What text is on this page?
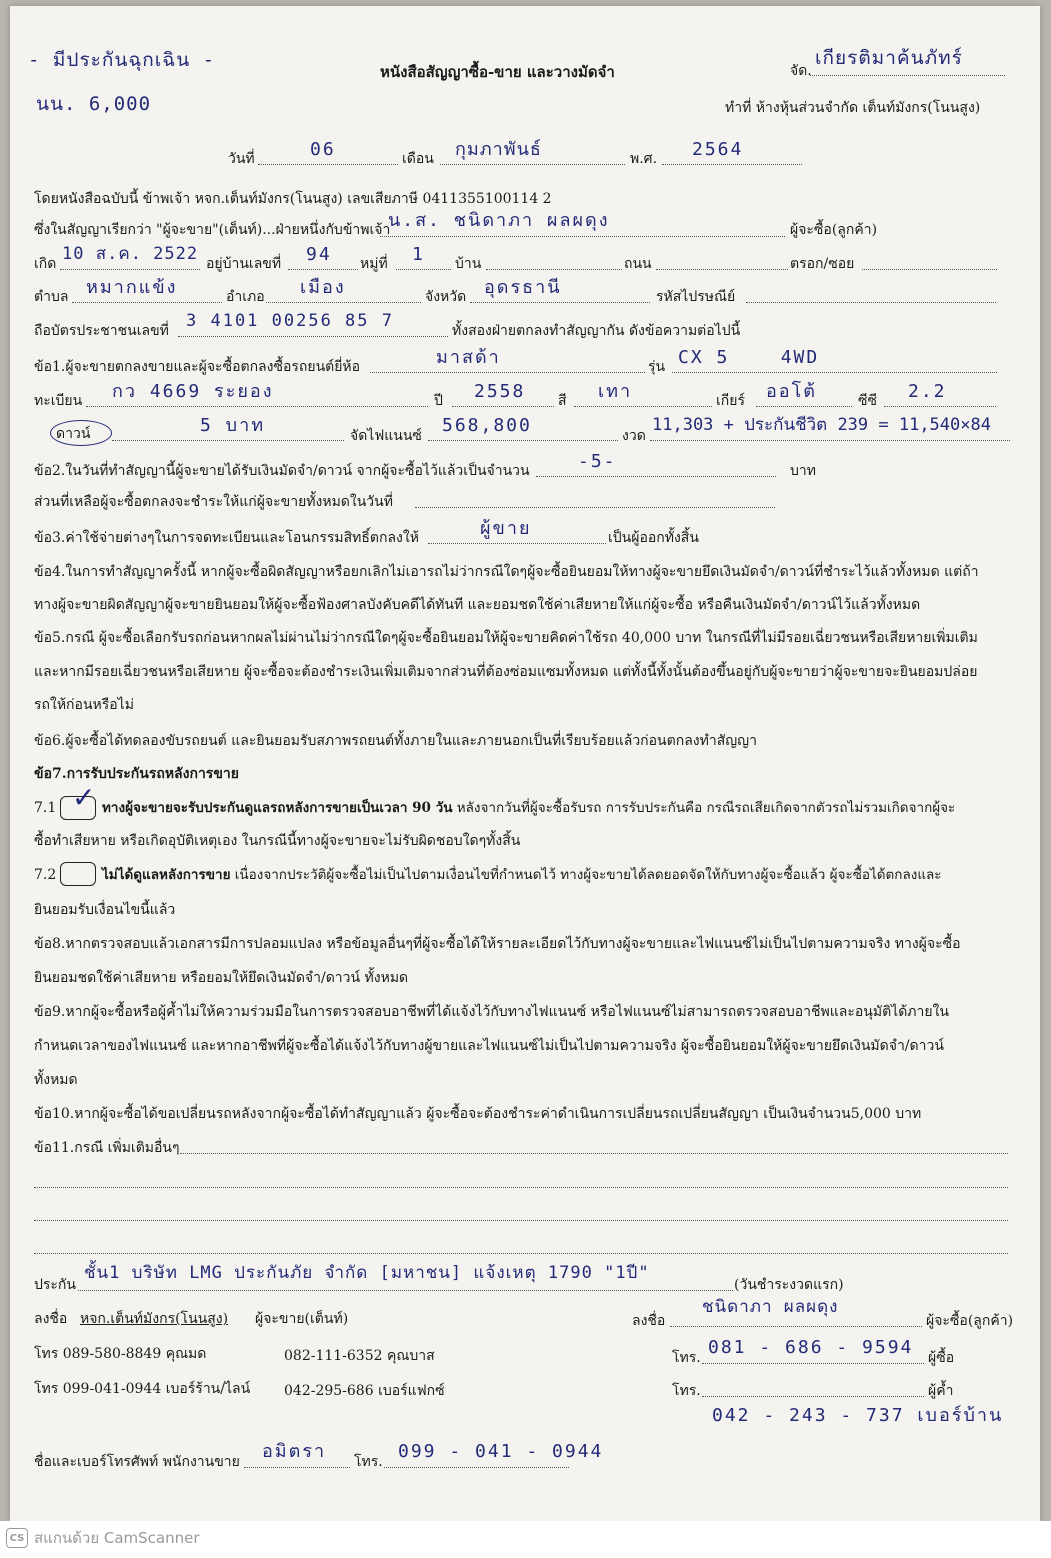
- มีประกันฉุกเฉิน -
นน. 6,000
หนังสือสัญญาซื้อ-ขาย และวางมัดจำ	จัด.
เกียรติมาค้นภัทร์
ทำที่ ห้างหุ้นส่วนจำกัด เต็นท์มังกร(โนนสูง)
วันที่	06	เดือน กุมภาพันธ์	พ.ศ. 2564
โดยหนังสือฉบับนี้ ข้าพเจ้า หจก.เต็นท์มังกร(โนนสูง) เลขเสียภาษี 0411355100114 2
ซึ่งในสัญญาเรียกว่า "ผู้จะขาย"(เต็นท์)...ฝ่ายหนึ่งกับข้าพเจ้า
น.ส. ชนิดาภา ผลผดุง	ผู้จะซื้อ(ลูกค้า)
เกิด 10 ส.ค. 2522 อยู่บ้านเลขที่ 94 หมู่ที่ 1 บ้าน	ถนน	ตรอก/ซอย
ตำบล หมากแข้ง	อำเภอ เมือง	จังหวัด อุดรธานี	รหัสไปรษณีย์
ถือบัตรประชาชนเลขที่ 3 4101 00256 85 7	ทั้งสองฝ่ายตกลงทำสัญญากัน ดังข้อความต่อไปนี้
ข้อ1.ผู้จะขายตกลงขายและผู้จะซื้อตกลงซื้อรถยนต์ยี่ห้อ	มาสด้า	รุ่น CX 5    4WD
ทะเบียน กว 4669 ระยอง	ปี 2558 สี เทา	เกียร์ ออโต้	ซีซี 2.2
ดาวน์	5 บาท	จัดไฟแนนซ์ 568,800	งวด
11,303 + ประกันชีวิต 239 = 11,540×84
ข้อ2.ในวันที่ทำสัญญานี้ผู้จะขายได้รับเงินมัดจำ/ดาวน์ จากผู้จะซื้อไว้แล้วเป็นจำนวน	-5-	บาท
ส่วนที่เหลือผู้จะซื้อตกลงจะชำระให้แก่ผู้จะขายทั้งหมดในวันที่
ข้อ3.ค่าใช้จ่ายต่างๆในการจดทะเบียนและโอนกรรมสิทธิ์ตกลงให้	ผู้ขาย	เป็นผู้ออกทั้งสิ้น
ข้อ4.ในการทำสัญญาครั้งนี้ หากผู้จะซื้อผิดสัญญาหรือยกเลิกไม่เอารถไม่ว่ากรณีใดๆผู้จะซื้อยินยอมให้ทางผู้จะขายยึดเงินมัดจำ/ดาวน์ที่ชำระไว้แล้วทั้งหมด แต่ถ้า
ทางผู้จะขายผิดสัญญาผู้จะขายยินยอมให้ผู้จะซื้อฟ้องศาลบังคับคดีได้ทันที และยอมชดใช้ค่าเสียหายให้แก่ผู้จะซื้อ หรือคืนเงินมัดจำ/ดาวน์ไว้แล้วทั้งหมด
ข้อ5.กรณี ผู้จะซื้อเลือกรับรถก่อนหากผลไม่ผ่านไม่ว่ากรณีใดๆผู้จะซื้อยินยอมให้ผู้จะขายคิดค่าใช้รถ 40,000 บาท ในกรณีที่ไม่มีรอยเฉี่ยวชนหรือเสียหายเพิ่มเติม
และหากมีรอยเฉี่ยวชนหรือเสียหาย ผู้จะซื้อจะต้องชำระเงินเพิ่มเติมจากส่วนที่ต้องซ่อมแซมทั้งหมด แต่ทั้งนี้ทั้งนั้นต้องขึ้นอยู่กับผู้จะขายว่าผู้จะขายจะยินยอมปล่อย
รถให้ก่อนหรือไม่
ข้อ6.ผู้จะซื้อได้ทดลองขับรถยนต์ และยินยอมรับสภาพรถยนต์ทั้งภายในและภายนอกเป็นที่เรียบร้อยแล้วก่อนตกลงทำสัญญา
ข้อ7.การรับประกันรถหลังการขาย
7.1 ✓ ทางผู้จะขายจะรับประกันดูแลรถหลังการขายเป็นเวลา 90 วัน หลังจากวันที่ผู้จะซื้อรับรถ การรับประกันคือ กรณีรถเสียเกิดจากตัวรถไม่รวมเกิดจากผู้จะ
ซื้อทำเสียหาย หรือเกิดอุบัติเหตุเอง ในกรณีนี้ทางผู้จะขายจะไม่รับผิดชอบใดๆทั้งสิ้น
7.2	ไม่ได้ดูแลหลังการขาย เนื่องจากประวัติผู้จะซื้อไม่เป็นไปตามเงื่อนไขที่กำหนดไว้ ทางผู้จะขายได้ลดยอดจัดให้กับทางผู้จะซื้อแล้ว ผู้จะซื้อได้ตกลงและ
ยินยอมรับเงื่อนไขนี้แล้ว
ข้อ8.หากตรวจสอบแล้วเอกสารมีการปลอมแปลง หรือข้อมูลอื่นๆที่ผู้จะซื้อได้ให้รายละเอียดไว้กับทางผู้จะขายและไฟแนนซ์ไม่เป็นไปตามความจริง ทางผู้จะซื้อ
ยินยอมชดใช้ค่าเสียหาย หรือยอมให้ยึดเงินมัดจำ/ดาวน์ ทั้งหมด
ข้อ9.หากผู้จะซื้อหรือผู้ค้ำไม่ให้ความร่วมมือในการตรวจสอบอาชีพที่ได้แจ้งไว้กับทางไฟแนนซ์ หรือไฟแนนซ์ไม่สามารถตรวจสอบอาชีพและอนุมัติได้ภายใน
กำหนดเวลาของไฟแนนซ์ และหากอาชีพที่ผู้จะซื้อได้แจ้งไว้กับทางผู้ขายและไฟแนนซ์ไม่เป็นไปตามความจริง ผู้จะซื้อยินยอมให้ผู้จะขายยึดเงินมัดจำ/ดาวน์
ทั้งหมด
ข้อ10.หากผู้จะซื้อได้ขอเปลี่ยนรถหลังจากผู้จะซื้อได้ทำสัญญาแล้ว ผู้จะซื้อจะต้องชำระค่าดำเนินการเปลี่ยนรถเปลี่ยนสัญญา เป็นเงินจำนวน5,000 บาท
ข้อ11.กรณี เพิ่มเติมอื่นๆ
ประกัน
ชั้น1 บริษัท LMG ประกันภัย จำกัด [มหาชน] แจ้งเหตุ 1790 "1ปี"
(วันชำระงวดแรก)
ลงชื่อ หจก.เต็นท์มังกร(โนนสูง) ผู้จะขาย(เต็นท์)	ลงชื่อ
ชนิดาภา ผลผดุง
ผู้จะซื้อ(ลูกค้า)
โทร 089-580-8849 คุณมด	082-111-6352 คุณบาส	โทร. 081 - 686 - 9594 ผู้ซื้อ
โทร 099-041-0944 เบอร์ร้าน/ไลน์ 042-295-686 เบอร์แฟกซ์	โทร.	ผู้ค้ำ
042 - 243 - 737 เบอร์บ้าน
ชื่อและเบอร์โทรศัพท์ พนักงานขาย อมิตรา โทร. 099 - 041 - 0944
CS สแกนด้วย CamScanner
